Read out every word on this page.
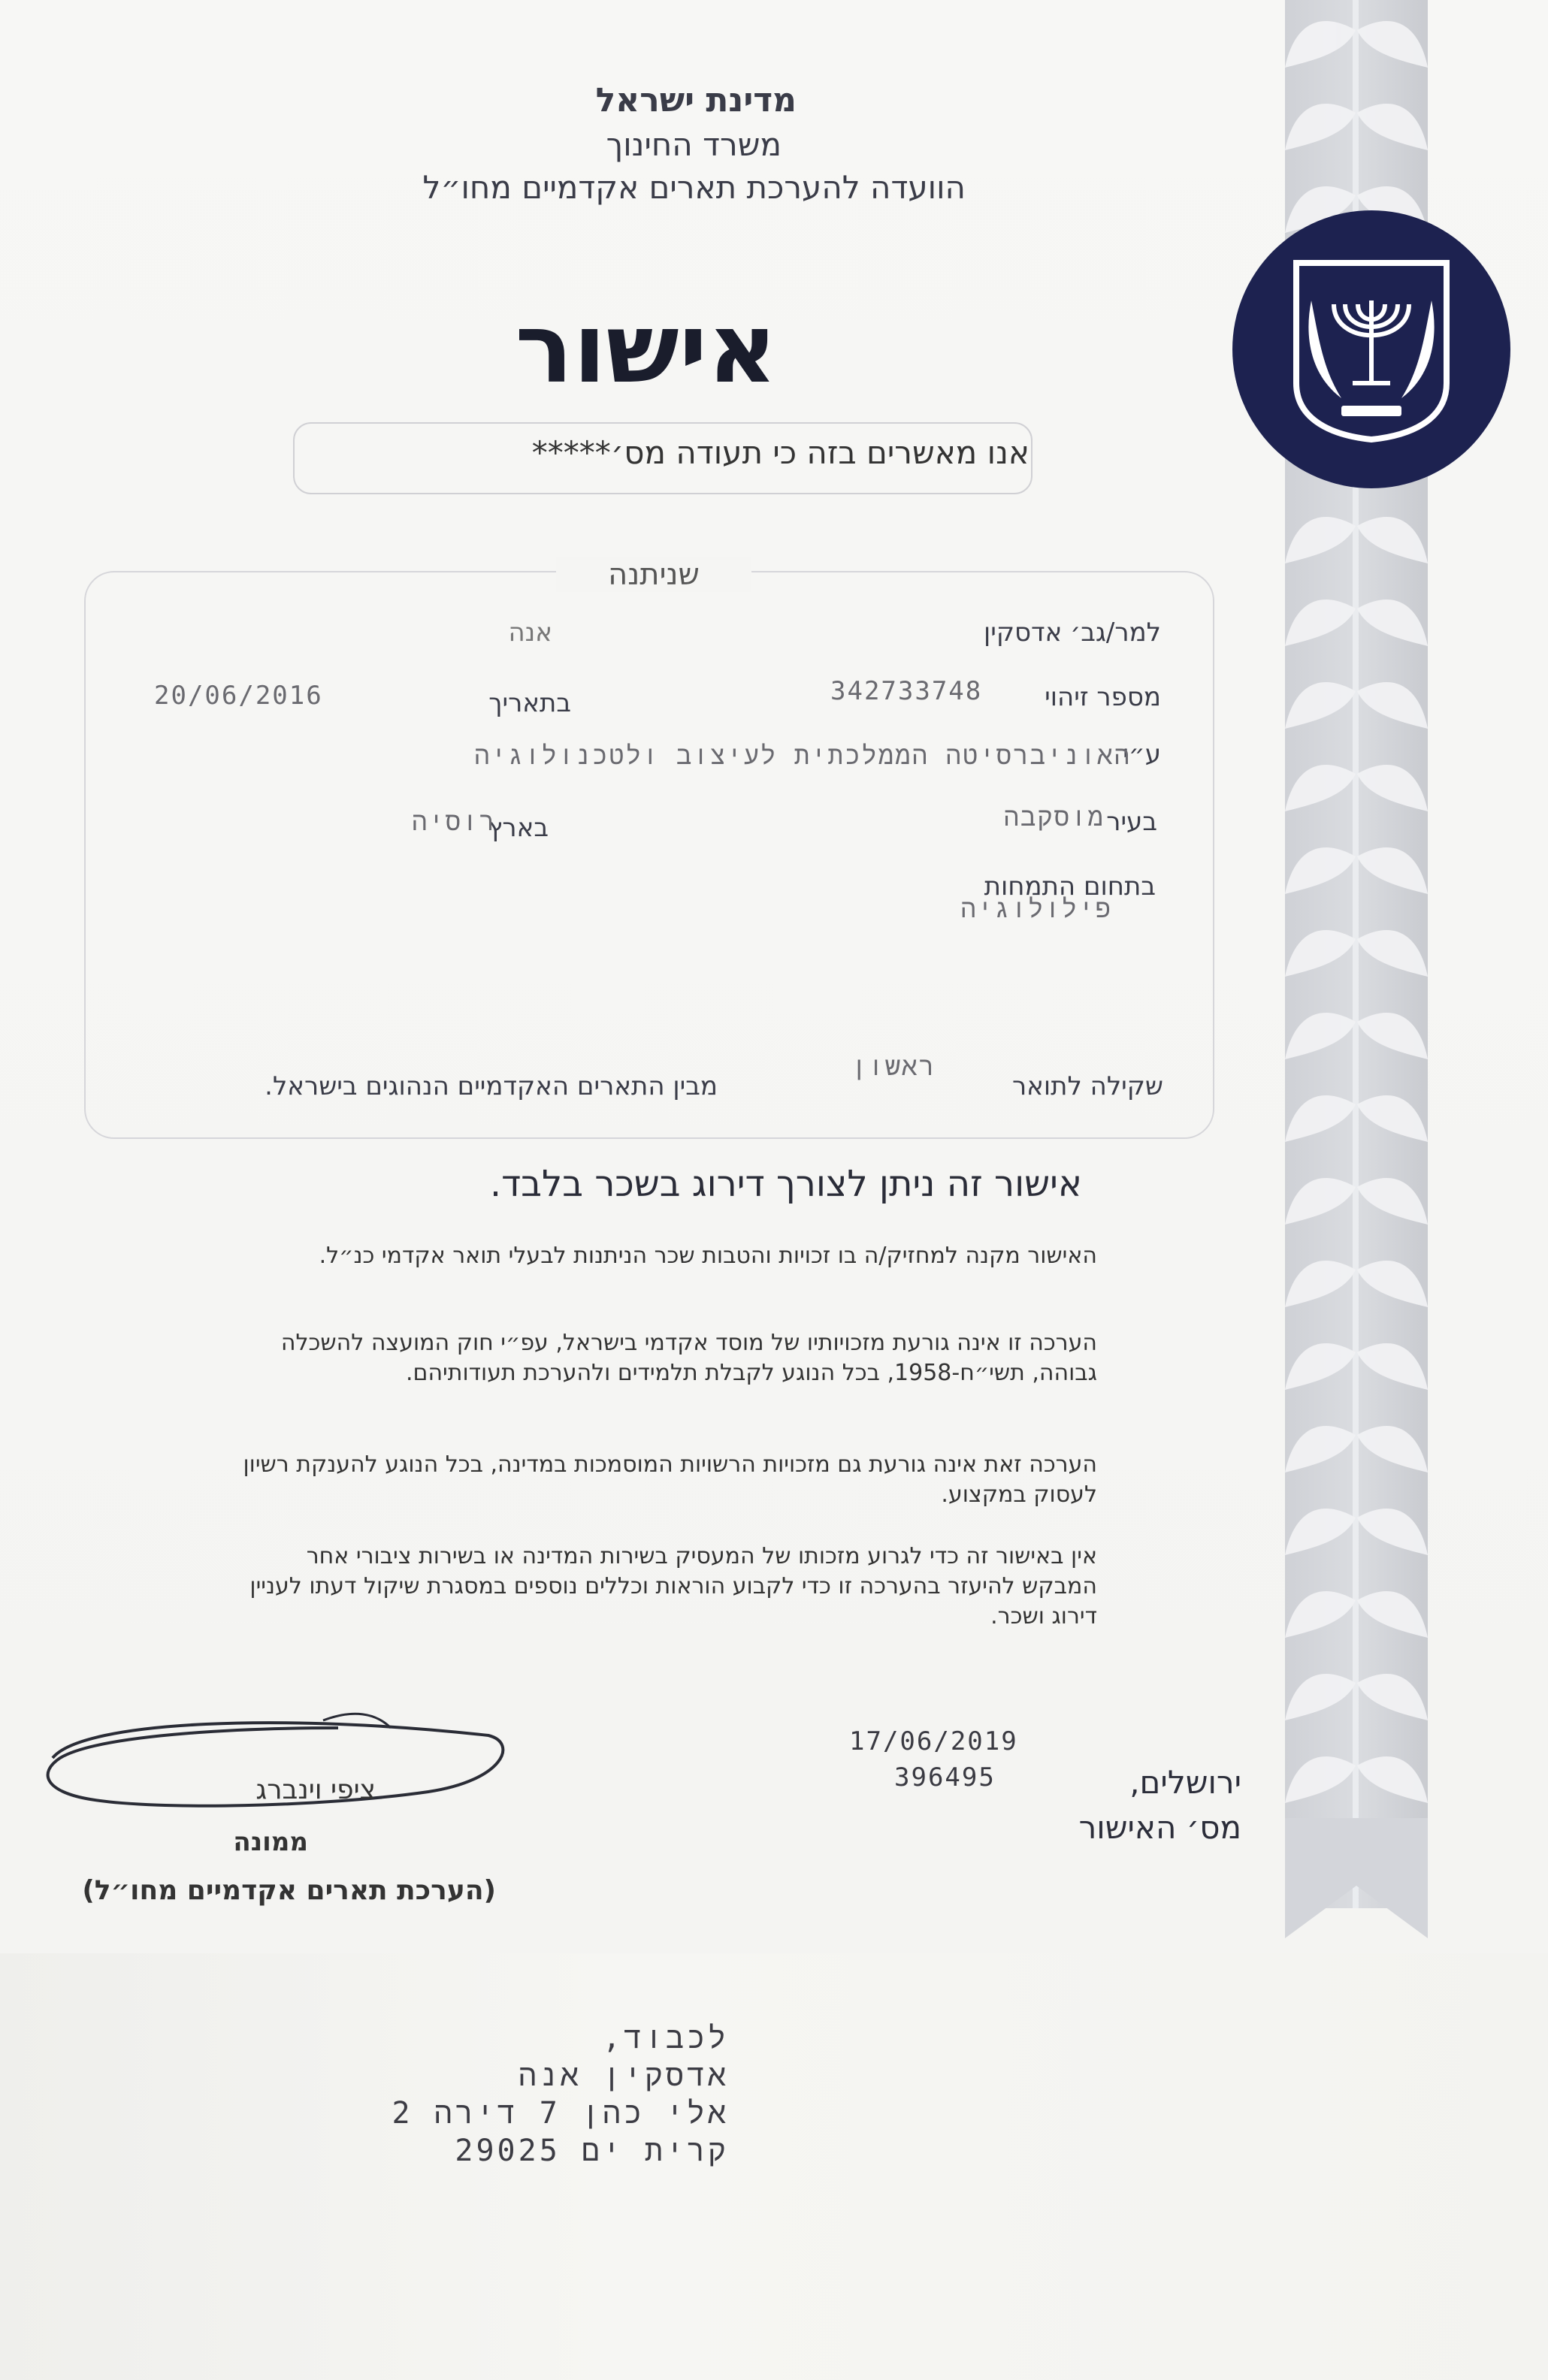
מדינת ישראל
משרד החינוך
הוועדה להערכת תארים אקדמיים מחו״ל
אישור
אנו מאשרים בזה כי תעודה מס׳*****
שניתנה
למר/גב׳ אדסקין
אנה
מספר זיהוי
342733748
בתאריך
20/06/2016
ע״י
האוניברסיטה הממלכתית לעיצוב ולטכנולוגיה
בעיר
מוסקבה
בארץ
רוסיה
בתחום התמחות
פילולוגיה
שקילה לתואר
ראשון
מבין התארים האקדמיים הנהוגים בישראל.
אישור זה ניתן לצורך דירוג בשכר בלבד.
האישור מקנה למחזיק/ה בו זכויות והטבות שכר הניתנות לבעלי תואר אקדמי כנ״ל.
הערכה זו אינה גורעת מזכויותיו של מוסד אקדמי בישראל, עפ״י חוק המועצה להשכלה גבוהה, תשי״ח-1958, בכל הנוגע לקבלת תלמידים ולהערכת תעודותיהם.
הערכה זאת אינה גורעת גם מזכויות הרשויות המוסמכות במדינה, בכל הנוגע להענקת רשיון לעסוק במקצוע.
אין באישור זה כדי לגרוע מזכותו של המעסיק בשירות המדינה או בשירות ציבורי אחר המבקש להיעזר בהערכה זו כדי לקבוע הוראות וכללים נוספים במסגרת שיקול דעתו לעניין דירוג ושכר.
17/06/2019
396495	ירושלים,
מס׳ האישור
ציפי וינברג
ממונה
(הערכת תארים אקדמיים מחו״ל)
לכבוד,
אדסקין אנה
אלי כהן 7 דירה 2
קרית ים 29025
